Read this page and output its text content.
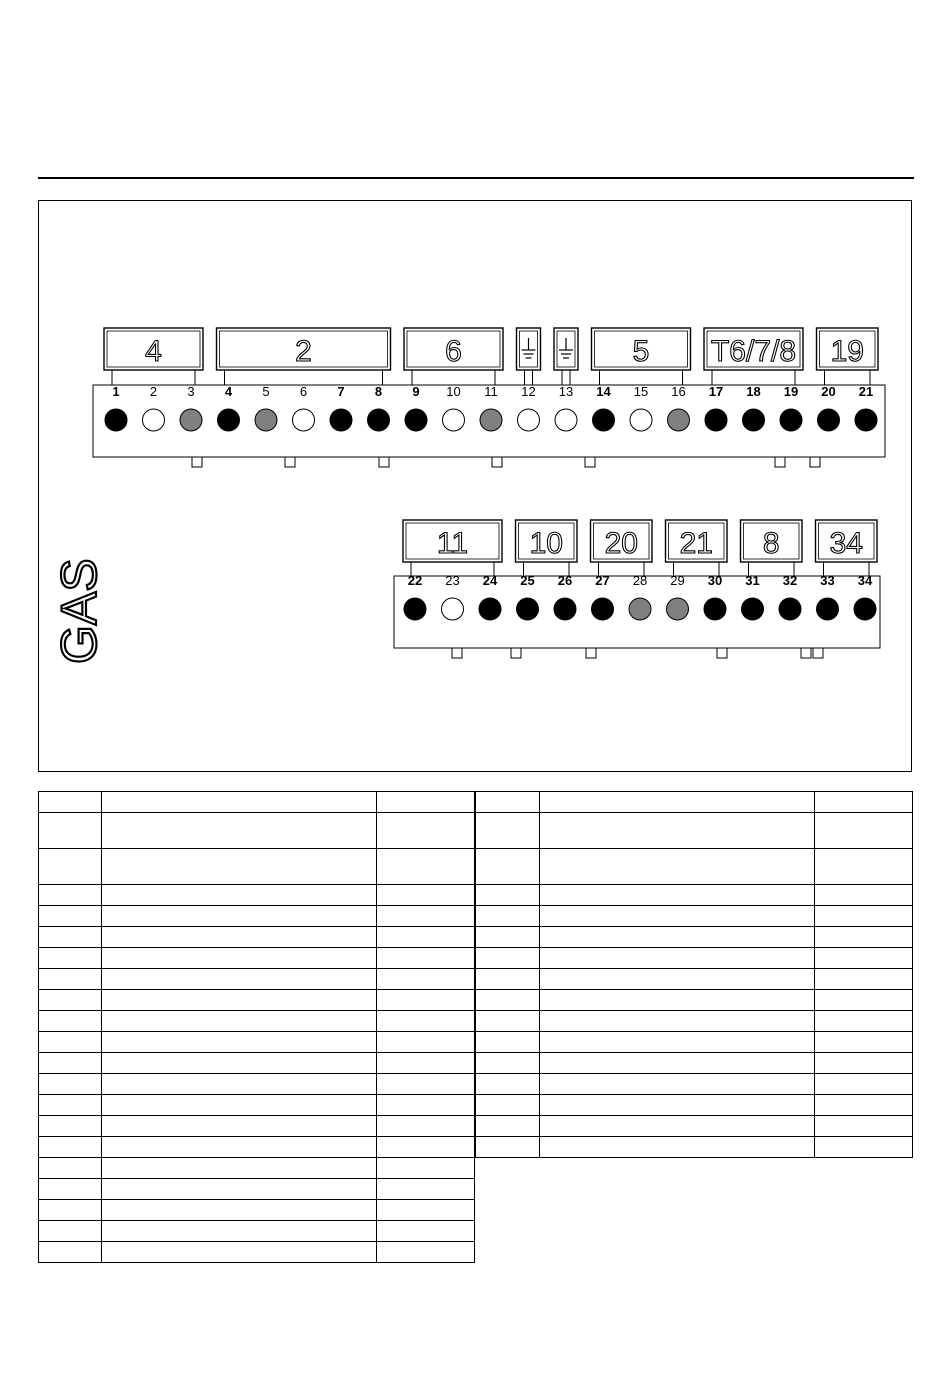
4	2	6	5 T6/7/8 19
1 2 3 4 5 6 7 8 9 10 11 12 13 14 15 16 17 18 19 20 21
11 10 20 21 8 34
22 23 24 25 26 27 28 29 30 31 32 33 34
GAS
